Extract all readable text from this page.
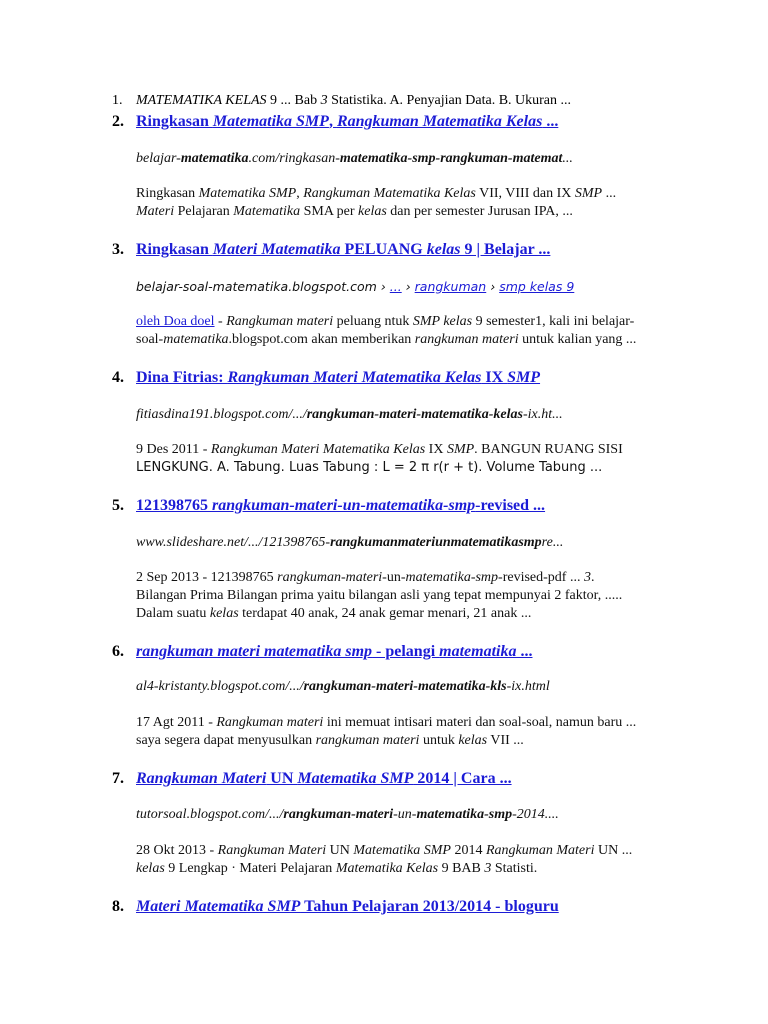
1. MATEMATIKA KELAS 9 ... Bab 3 Statistika. A. Penyajian Data. B. Ukuran ...
2. Ringkasan Matematika SMP, Rangkuman Matematika Kelas ...
belajar-matematika.com/ringkasan-matematika-smp-rangkuman-matemat...
Ringkasan Matematika SMP, Rangkuman Matematika Kelas VII, VIII dan IX SMP ...
Materi Pelajaran Matematika SMA per kelas dan per semester Jurusan IPA, ...
3. Ringkasan Materi Matematika PELUANG kelas 9 | Belajar ...
belajar-soal-matematika.blogspot.com › ... › rangkuman › smp kelas 9
oleh Doa doel - Rangkuman materi peluang ntuk SMP kelas 9 semester1, kali ini belajar-
soal-matematika.blogspot.com akan memberikan rangkuman materi untuk kalian yang ...
4. Dina Fitrias: Rangkuman Materi Matematika Kelas IX SMP
fitiasdina191.blogspot.com/.../rangkuman-materi-matematika-kelas-ix.ht...
9 Des 2011 - Rangkuman Materi Matematika Kelas IX SMP. BANGUN RUANG SISI
LENGKUNG. A. Tabung. Luas Tabung : L = 2 π r(r + t). Volume Tabung ...
5. 121398765 rangkuman-materi-un-matematika-smp-revised ...
www.slideshare.net/.../121398765-rangkumanmateriunmatematikasmpre...
2 Sep 2013 - 121398765 rangkuman-materi-un-matematika-smp-revised-pdf ... 3.
Bilangan Prima Bilangan prima yaitu bilangan asli yang tepat mempunyai 2 faktor, .....
Dalam suatu kelas terdapat 40 anak, 24 anak gemar menari, 21 anak ...
6. rangkuman materi matematika smp - pelangi matematika ...
al4-kristanty.blogspot.com/.../rangkuman-materi-matematika-kls-ix.html
17 Agt 2011 - Rangkuman materi ini memuat intisari materi dan soal-soal, namun baru ...
saya segera dapat menyusulkan rangkuman materi untuk kelas VII ...
7. Rangkuman Materi UN Matematika SMP 2014 | Cara ...
tutorsoal.blogspot.com/.../rangkuman-materi-un-matematika-smp-2014....
28 Okt 2013 - Rangkuman Materi UN Matematika SMP 2014 Rangkuman Materi UN ...
kelas 9 Lengkap · Materi Pelajaran Matematika Kelas 9 BAB 3 Statisti.
8. Materi Matematika SMP Tahun Pelajaran 2013/2014 - bloguru
